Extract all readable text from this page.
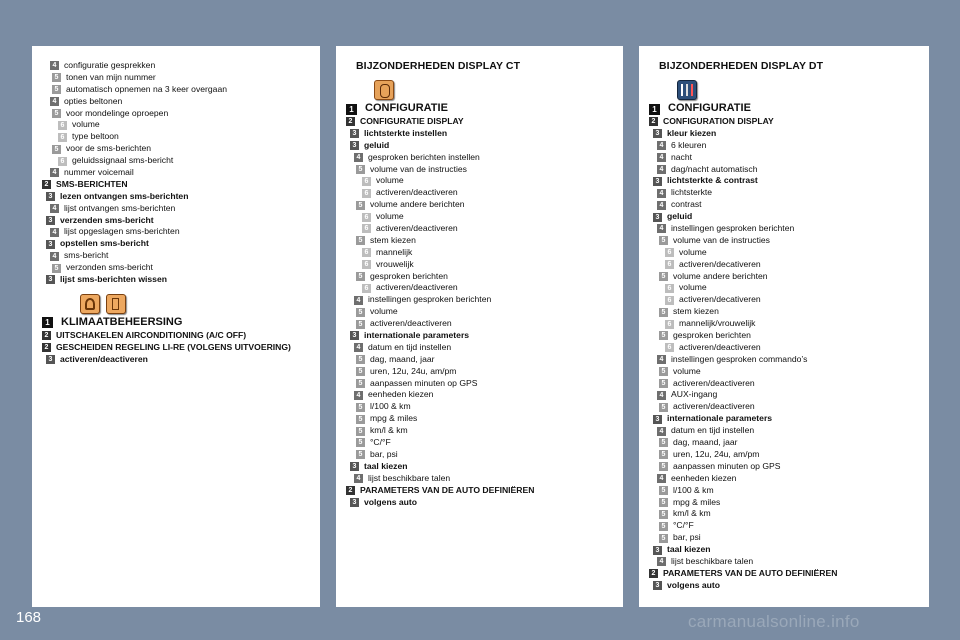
4 configuratie gesprekken
5 tonen van mijn nummer
5 automatisch opnemen na 3 keer overgaan
4 opties beltonen
5 voor mondelinge oproepen
6 volume
6 type beltoon
5 voor de sms-berichten
6 geluidssignaal sms-bericht
4 nummer voicemail
2 SMS-BERICHTEN
3 lezen ontvangen sms-berichten
4 lijst ontvangen sms-berichten
3 verzenden sms-bericht
4 lijst opgeslagen sms-berichten
3 opstellen sms-bericht
4 sms-bericht
5 verzonden sms-bericht
3 lijst sms-berichten wissen
1 KLIMAATBEHEERSING
2 UITSCHAKELEN AIRCONDITIONING (A/C OFF)
2 GESCHEIDEN REGELING LI-RE (VOLGENS UITVOERING)
3 activeren/deactiveren
BIJZONDERHEDEN DISPLAY CT
1 CONFIGURATIE
2 CONFIGURATIE DISPLAY
3 lichtsterkte instellen
3 geluid
4 gesproken berichten instellen
5 volume van de instructies
6 volume
6 activeren/deactiveren
5 volume andere berichten
6 volume
6 activeren/deactiveren
5 stem kiezen
6 mannelijk
6 vrouwelijk
5 gesproken berichten
6 activeren/deactiveren
4 instellingen gesproken berichten
5 volume
5 activeren/deactiveren
3 internationale parameters
4 datum en tijd instellen
5 dag, maand, jaar
5 uren, 12u, 24u, am/pm
5 aanpassen minuten op GPS
4 eenheden kiezen
5 l/100 & km
5 mpg & miles
5 km/l & km
5 °C/°F
5 bar, psi
3 taal kiezen
4 lijst beschikbare talen
2 PARAMETERS VAN DE AUTO DEFINIËREN
3 volgens auto
BIJZONDERHEDEN DISPLAY DT
1 CONFIGURATIE
2 CONFIGURATION DISPLAY
3 kleur kiezen
4 6 kleuren
4 nacht
4 dag/nacht automatisch
3 lichtsterkte & contrast
4 lichtsterkte
4 contrast
3 geluid
4 instellingen gesproken berichten
5 volume van de instructies
6 volume
6 activeren/decativeren
5 volume andere berichten
6 volume
6 activeren/decativeren
5 stem kiezen
6 mannelijk/vrouwelijk
5 gesproken berichten
6 activeren/deactiveren
4 instellingen gesproken commando’s
5 volume
5 activeren/deactiveren
4 AUX-ingang
5 activeren/deactiveren
3 internationale parameters
4 datum en tijd instellen
5 dag, maand, jaar
5 uren, 12u, 24u, am/pm
5 aanpassen minuten op GPS
4 eenheden kiezen
5 l/100 & km
5 mpg & miles
5 km/l & km
5 °C/°F
5 bar, psi
3 taal kiezen
4 lijst beschikbare talen
2 PARAMETERS VAN DE AUTO DEFINIËREN
3 volgens auto
168	carmanualsonline.info
